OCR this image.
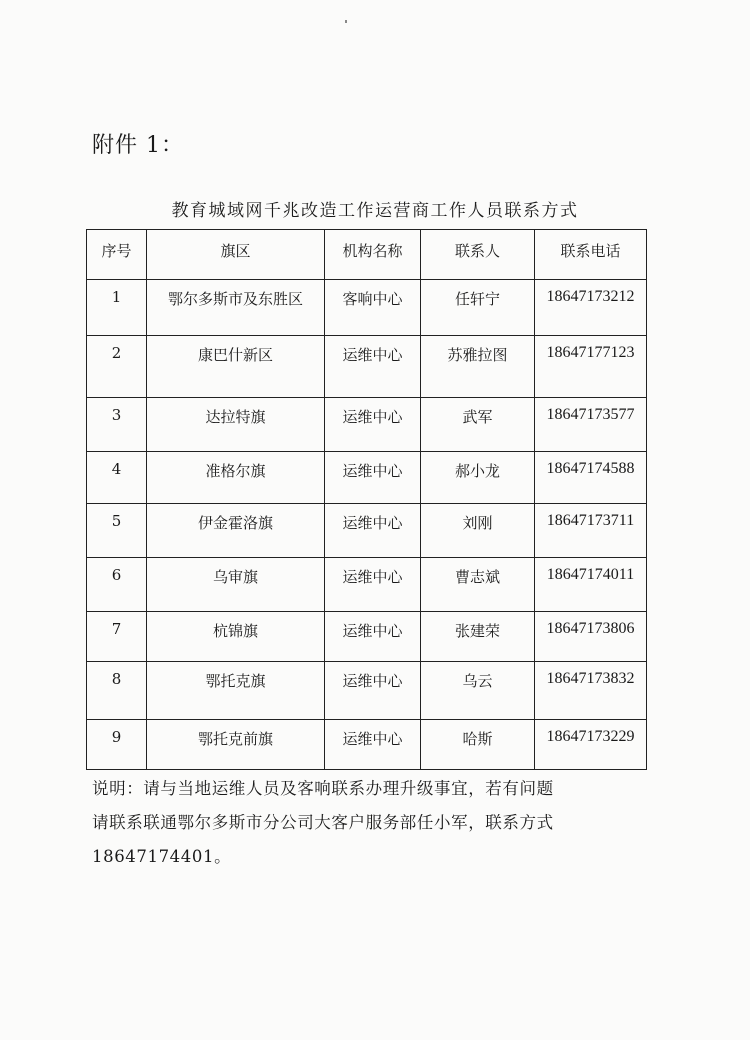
附件 1：
教育城域网千兆改造工作运营商工作人员联系方式
序号	旗区	机构名称	联系人	联系电话
1	鄂尔多斯市及东胜区	客响中心	任轩宁	18647173212
2	康巴什新区	运维中心	苏雅拉图	18647177123
3	达拉特旗	运维中心	武军	18647173577
4	准格尔旗	运维中心	郝小龙	18647174588
5	伊金霍洛旗	运维中心	刘刚	18647173711
6	乌审旗	运维中心	曹志斌	18647174011
7	杭锦旗	运维中心	张建荣	18647173806
8	鄂托克旗	运维中心	乌云	18647173832
9	鄂托克前旗	运维中心	哈斯	18647173229
说明：请与当地运维人员及客响联系办理升级事宜，若有问题
请联系联通鄂尔多斯市分公司大客户服务部任小军，联系方式
18647174401。
